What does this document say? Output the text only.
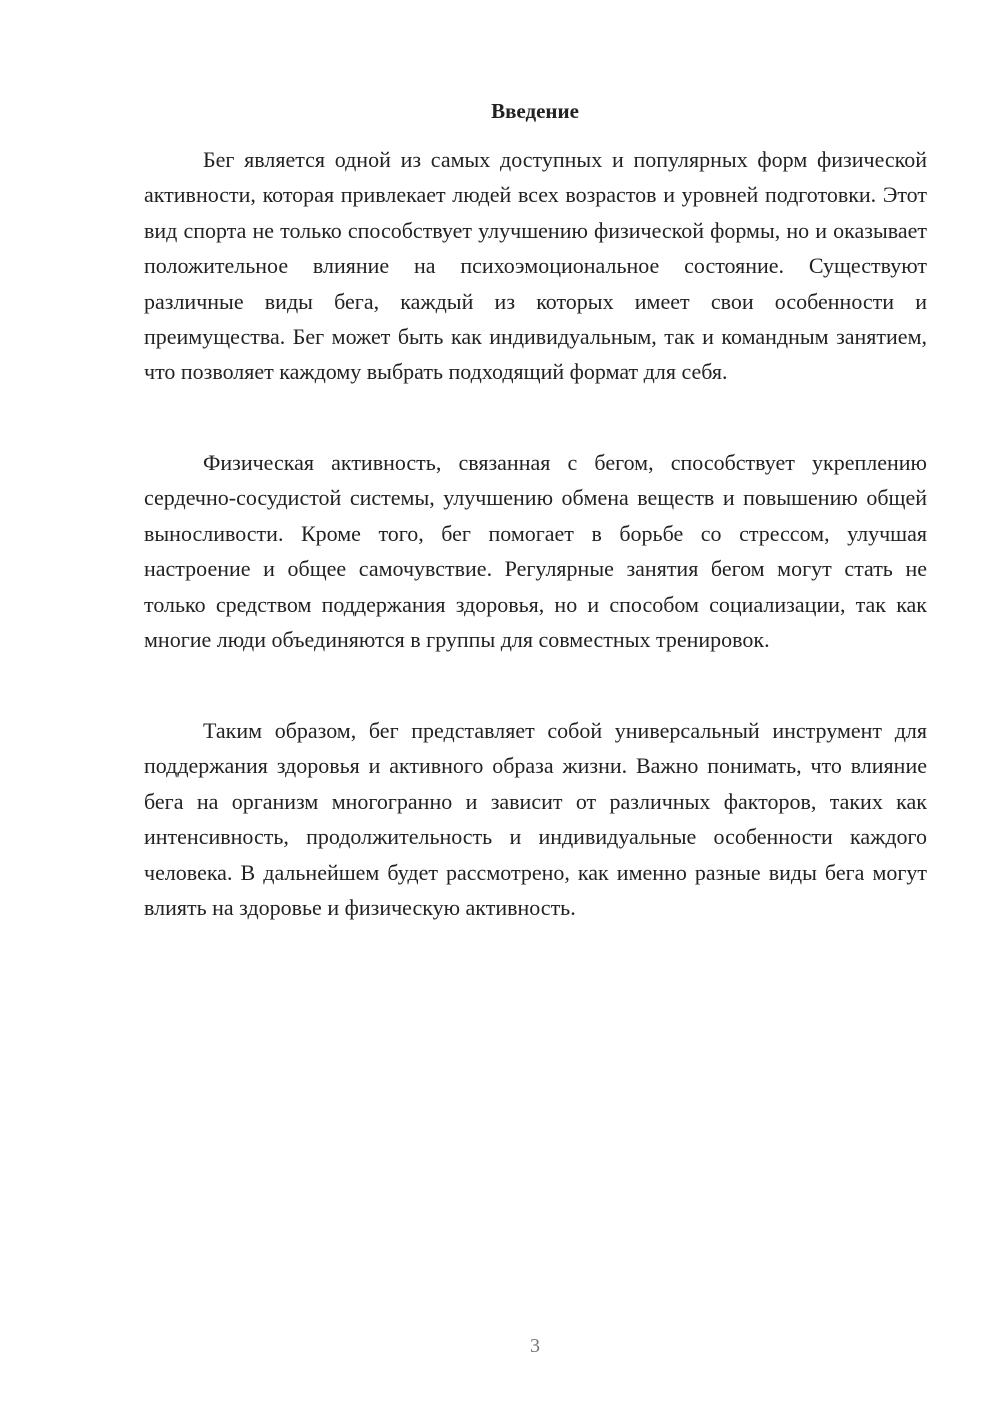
Введение

Бег является одной из самых доступных и популярных форм физической активности, которая привлекает людей всех возрастов и уровней подготовки. Этот вид спорта не только способствует улучшению физической формы, но и оказывает положительное влияние на психоэмоциональное состояние. Существуют различные виды бега, каждый из которых имеет свои особенности и преимущества. Бег может быть как индивидуальным, так и командным занятием, что позволяет каждому выбрать подходящий формат для себя.

Физическая активность, связанная с бегом, способствует укреплению сердечно-сосудистой системы, улучшению обмена веществ и повышению общей выносливости. Кроме того, бег помогает в борьбе со стрессом, улучшая настроение и общее самочувствие. Регулярные занятия бегом могут стать не только средством поддержания здоровья, но и способом социализации, так как многие люди объединяются в группы для совместных тренировок.

Таким образом, бег представляет собой универсальный инструмент для поддержания здоровья и активного образа жизни. Важно понимать, что влияние бега на организм многогранно и зависит от различных факторов, таких как интенсивность, продолжительность и индивидуальные особенности каждого человека. В дальнейшем будет рассмотрено, как именно разные виды бега могут влиять на здоровье и физическую активность.

3
